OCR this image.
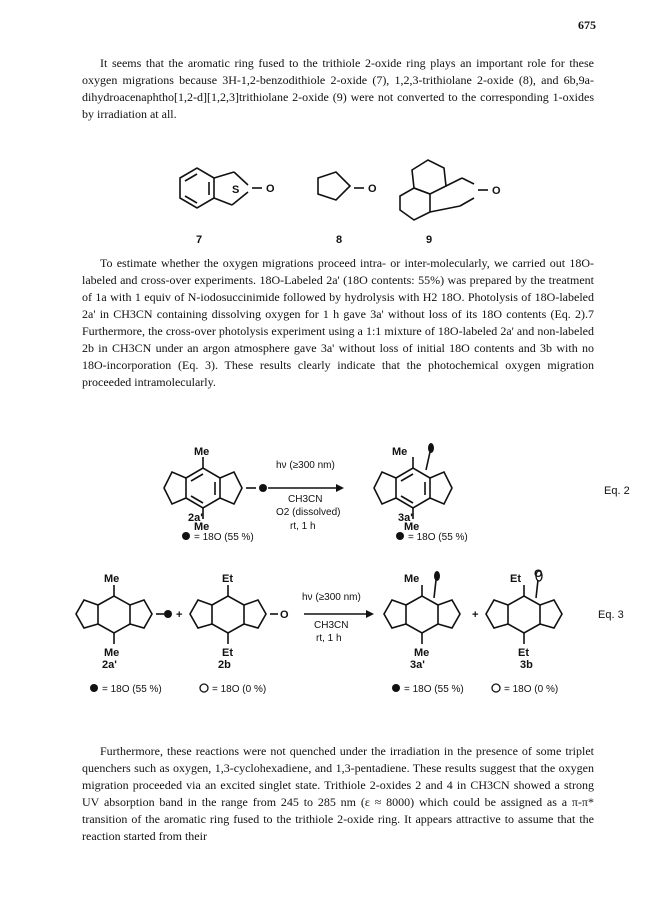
675

It seems that the aromatic ring fused to the trithiole 2-oxide ring plays an important role for these oxygen migrations because 3H-1,2-benzodithiole 2-oxide (7), 1,2,3-trithiolane 2-oxide (8), and 6b,9a-dihydroacenaphtho[1,2-d][1,2,3]trithiolane 2-oxide (9) were not converted to the corresponding 1-oxides by irradiation at all.

To estimate whether the oxygen migrations proceed intra- or inter-molecularly, we carried out 18O-labeled and cross-over experiments. 18O-Labeled 2a' (18O contents: 55%) was prepared by the treatment of 1a with 1 equiv of N-iodosuccinimide followed by hydrolysis with H2 18O. Photolysis of 18O-labeled 2a' in CH3CN containing dissolving oxygen for 1 h gave 3a' without loss of its 18O contents (Eq. 2).7 Furthermore, the cross-over photolysis experiment using a 1:1 mixture of 18O-labeled 2a' and non-labeled 2b in CH3CN under an argon atmosphere gave 3a' without loss of initial 18O contents and 3b with no 18O-incorporation (Eq. 3). These results clearly indicate that the photochemical oxygen migration proceeded intramolecularly.

Furthermore, these reactions were not quenched under the irradiation in the presence of some triplet quenchers such as oxygen, 1,3-cyclohexadiene, and 1,3-pentadiene. These results suggest that the oxygen migration proceeded via an excited singlet state. Trithiole 2-oxides 2 and 4 in CH3CN showed a strong UV absorption band in the range from 245 to 285 nm (ε ≈ 8000) which could be assigned as a π-π* transition of the aromatic ring fused to the trithiole 2-oxide ring. It appears attractive to assume that the reaction started from their

S O	O	O
7	8	9
Me
Me
Me
Me
2a'	3a'
Eq. 2
Me
Me
Et
Et
Me
Me
Et
Et
+	O	+
O
2a'	2b	3a'	3b
Eq. 3
hν (≥300 nm)
CH3CN
O2 (dissolved)
rt, 1 h
= 18O (55 %)	= 18O (55 %)
hν (≥300 nm)
CH3CN
rt, 1 h
= 18O (55 %)	= 18O (0 %)	= 18O (55 %)	= 18O (0 %)
